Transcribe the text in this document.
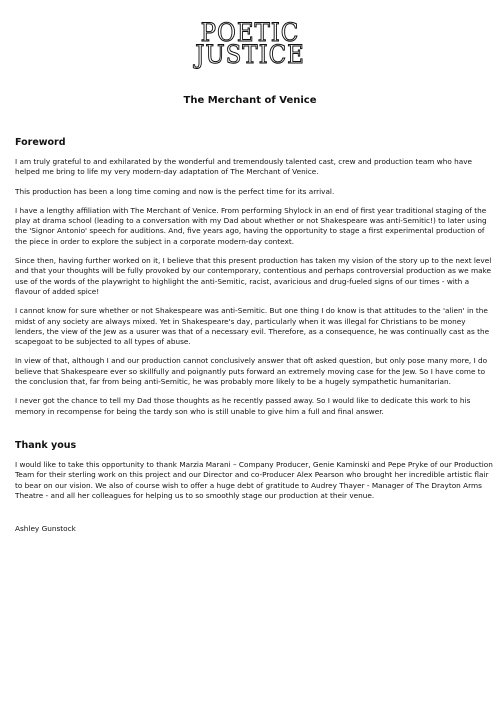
POETIC
JUSTICE
The Merchant of Venice
Foreword

I am truly grateful to and exhilarated by the wonderful and tremendously talented cast, crew and production team who have helped me bring to life my very modern-day adaptation of The Merchant of Venice.

This production has been a long time coming and now is the perfect time for its arrival.

I have a lengthy affiliation with The Merchant of Venice. From performing Shylock in an end of first year traditional staging of the play at drama school (leading to a conversation with my Dad about whether or not Shakespeare was anti-Semitic!) to later using the 'Signor Antonio' speech for auditions. And, five years ago, having the opportunity to stage a first experimental production of the piece in order to explore the subject in a corporate modern-day context.

Since then, having further worked on it, I believe that this present production has taken my vision of the story up to the next level and that your thoughts will be fully provoked by our contemporary, contentious and perhaps controversial production as we make use of the words of the playwright to highlight the anti-Semitic, racist, avaricious and drug-fueled signs of our times - with a flavour of added spice!

I cannot know for sure whether or not Shakespeare was anti-Semitic. But one thing I do know is that attitudes to the 'alien' in the midst of any society are always mixed. Yet in Shakespeare's day, particularly when it was illegal for Christians to be money lenders, the view of the Jew as a usurer was that of a necessary evil. Therefore, as a consequence, he was continually cast as the scapegoat to be subjected to all types of abuse.

In view of that, although I and our production cannot conclusively answer that oft asked question, but only pose many more, I do believe that Shakespeare ever so skillfully and poignantly puts forward an extremely moving case for the Jew. So I have come to the conclusion that, far from being anti-Semitic, he was probably more likely to be a hugely sympathetic humanitarian.

I never got the chance to tell my Dad those thoughts as he recently passed away. So I would like to dedicate this work to his memory in recompense for being the tardy son who is still unable to give him a full and final answer.

Thank yous

I would like to take this opportunity to thank Marzia Marani – Company Producer, Genie Kaminski and Pepe Pryke of our Production Team for their sterling work on this project and our Director and co-Producer Alex Pearson who brought her incredible artistic flair to bear on our vision. We also of course wish to offer a huge debt of gratitude to Audrey Thayer - Manager of The Drayton Arms Theatre - and all her colleagues for helping us to so smoothly stage our production at their venue.

Ashley Gunstock
